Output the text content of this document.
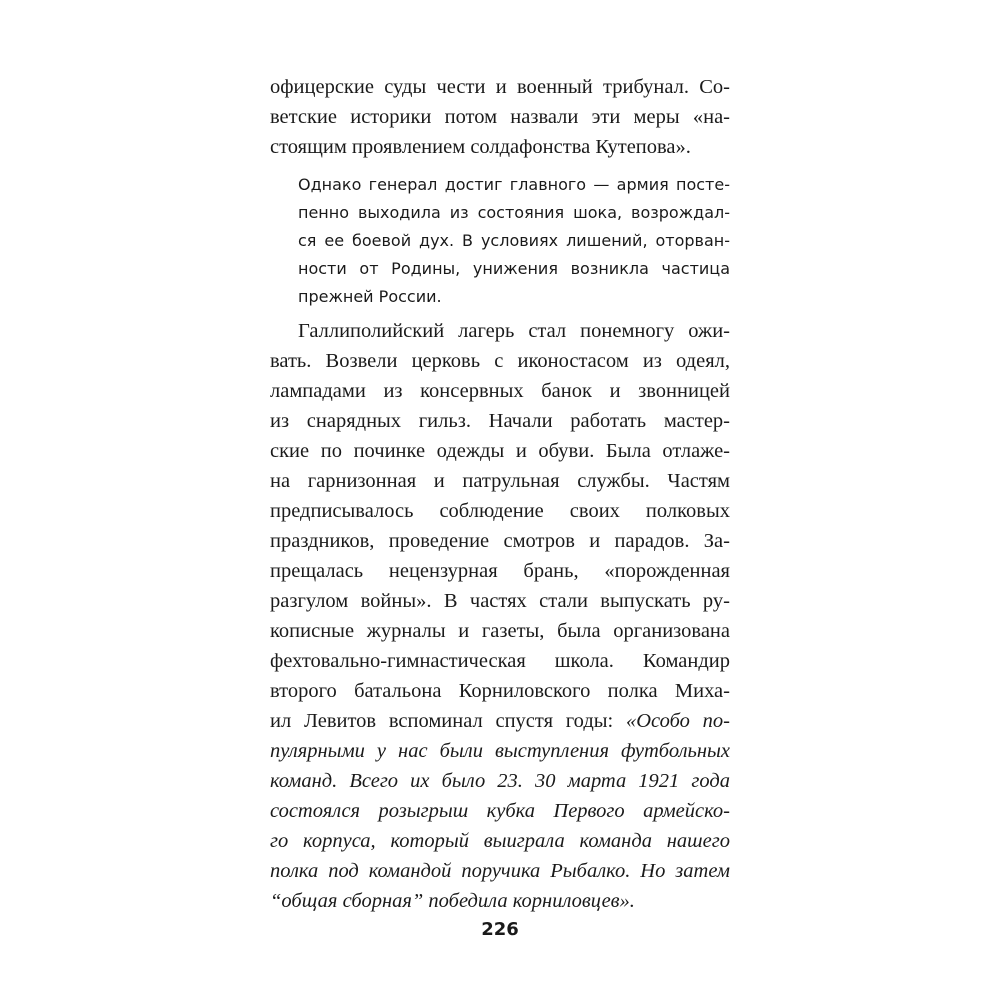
офицерские суды чести и военный трибунал. Со-
ветские историки потом назвали эти меры «на-
стоящим проявлением солдафонства Кутепова».
Однако генерал достиг главного — армия посте-
пенно выходила из состояния шока, возрождал-
ся ее боевой дух. В условиях лишений, оторван-
ности от Родины, унижения возникла частица
прежней России.
Галлиполийский лагерь стал понемногу ожи-
вать. Возвели церковь с иконостасом из одеял,
лампадами из консервных банок и звонницей
из снарядных гильз. Начали работать мастер-
ские по починке одежды и обуви. Была отлаже-
на гарнизонная и патрульная службы. Частям
предписывалось соблюдение своих полковых
праздников, проведение смотров и парадов. За-
прещалась нецензурная брань, «порожденная
разгулом войны». В частях стали выпускать ру-
кописные журналы и газеты, была организована
фехтовально-гимнастическая школа. Командир
второго батальона Корниловского полка Миха-
ил Левитов вспоминал спустя годы: «Особо по-
пулярными у нас были выступления футбольных
команд. Всего их было 23. 30 марта 1921 года
состоялся розыгрыш кубка Первого армейско-
го корпуса, который выиграла команда нашего
полка под командой поручика Рыбалко. Но затем
“общая сборная” победила корниловцев».
226
